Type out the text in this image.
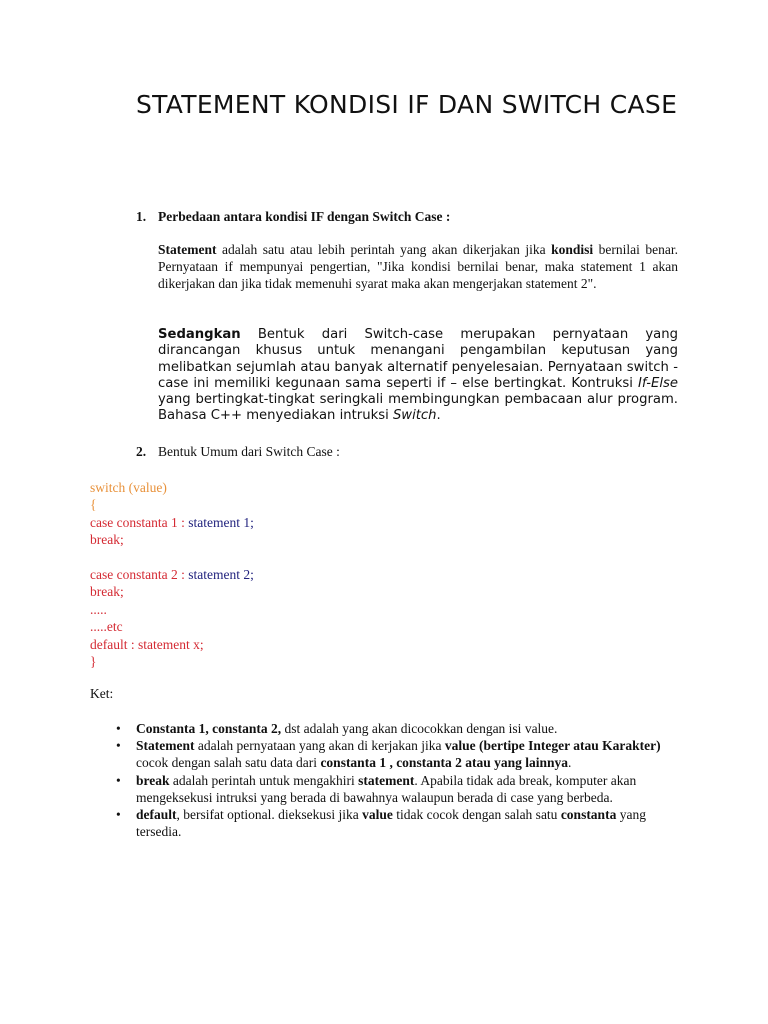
STATEMENT KONDISI IF DAN SWITCH CASE
1. Perbedaan antara kondisi IF dengan Switch Case :
Statement adalah satu atau lebih perintah yang akan dikerjakan jika kondisi bernilai benar. Pernyataan if mempunyai pengertian, "Jika kondisi bernilai benar, maka statement 1 akan dikerjakan dan jika tidak memenuhi syarat maka akan mengerjakan statement 2".
Sedangkan Bentuk dari Switch-case merupakan pernyataan yang dirancangan khusus untuk menangani pengambilan keputusan yang melibatkan sejumlah atau banyak alternatif penyelesaian. Pernyataan switch - case ini memiliki kegunaan sama seperti if – else bertingkat. Kontruksi If-Else yang bertingkat-tingkat seringkali membingungkan pembacaan alur program. Bahasa C++ menyediakan intruksi Switch.
2. Bentuk Umum dari Switch Case :
switch (value)
{
case constanta 1 : statement 1;
break;
case constanta 2 : statement 2;
break;
.....
.....etc
default : statement x;
}
Ket:
• Constanta 1, constanta 2, dst adalah yang akan dicocokkan dengan isi value.
• Statement adalah pernyataan yang akan di kerjakan jika value (bertipe Integer atau Karakter) cocok dengan salah satu data dari constanta 1 , constanta 2 atau yang lainnya.
• break adalah perintah untuk mengakhiri statement. Apabila tidak ada break, komputer akan mengeksekusi intruksi yang berada di bawahnya walaupun berada di case yang berbeda.
• default, bersifat optional. dieksekusi jika value tidak cocok dengan salah satu constanta yang tersedia.
